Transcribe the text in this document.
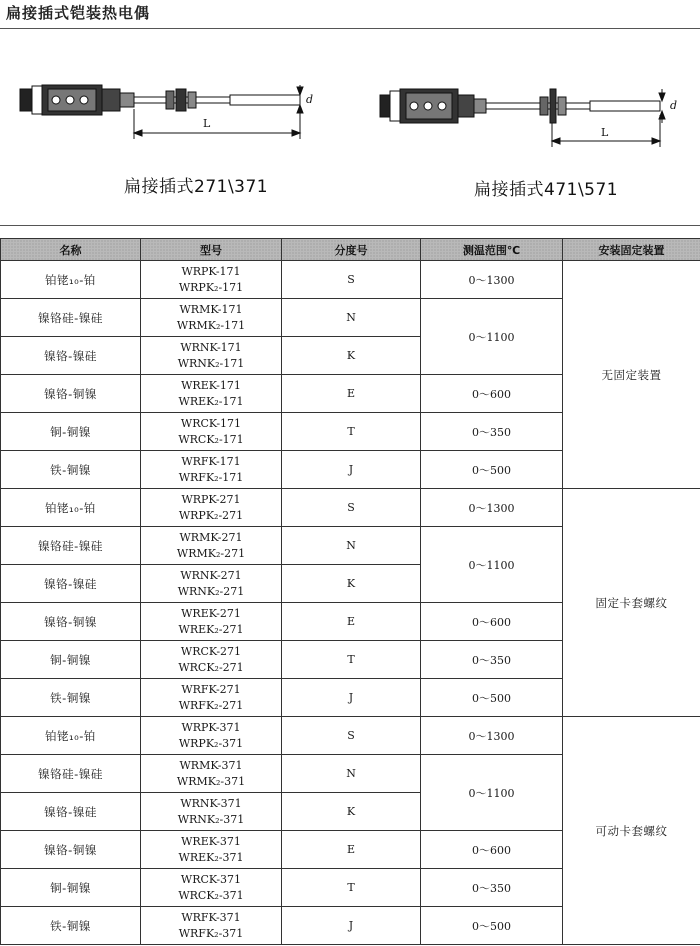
扁接插式铠装热电偶
L
d
L
d
扁接插式271\371	扁接插式471\571
名称	型号	分度号	测温范围℃	安装固定装置
铂铑₁₀-铂	WRPK-171
WRPK₂-171	S	0～1300	无固定装置
镍铬硅-镍硅	WRMK-171
WRMK₂-171	N	0～1100	
镍铬-镍硅	WRNK-171
WRNK₂-171	K		
镍铬-铜镍	WREK-171
WREK₂-171	E	0～600	
铜-铜镍	WRCK-171
WRCK₂-171	T	0～350	
铁-铜镍	WRFK-171
WRFK₂-171	J	0～500	
铂铑₁₀-铂	WRPK-271
WRPK₂-271	S	0～1300	固定卡套螺纹
镍铬硅-镍硅	WRMK-271
WRMK₂-271	N	0～1100	
镍铬-镍硅	WRNK-271
WRNK₂-271	K		
镍铬-铜镍	WREK-271
WREK₂-271	E	0～600	
铜-铜镍	WRCK-271
WRCK₂-271	T	0～350	
铁-铜镍	WRFK-271
WRFK₂-271	J	0～500	
铂铑₁₀-铂	WRPK-371
WRPK₂-371	S	0～1300	可动卡套螺纹
镍铬硅-镍硅	WRMK-371
WRMK₂-371	N	0～1100	
镍铬-镍硅	WRNK-371
WRNK₂-371	K		
镍铬-铜镍	WREK-371
WREK₂-371	E	0～600	
铜-铜镍	WRCK-371
WRCK₂-371	T	0～350	
铁-铜镍	WRFK-371
WRFK₂-371	J	0～500	
